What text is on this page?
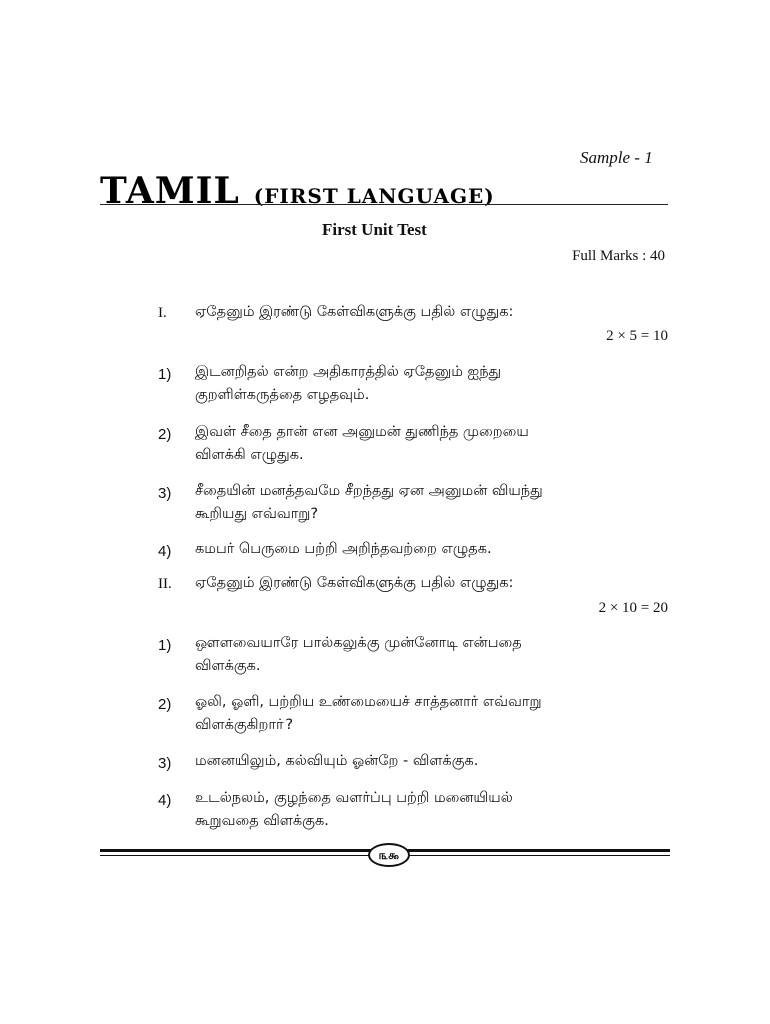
Sample - 1
TAMIL (FIRST LANGUAGE)
First Unit Test
Full Marks : 40
I. ஏதேனும் இரண்டு கேள்விகளுக்கு பதில் எழுதுக:
2 × 5 = 10
1) இடனறிதல் என்ற அதிகாரத்தில் ஏதேனும் ஐந்து குறளிள்கருத்தை எழதவும்.
2) இவள் சீதை தான் என அனுமன் துணிந்த முறையை விளக்கி எழுதுக.
3) சீதையின் மனத்தவமே சீறந்தது ஏன அனுமன் வியந்து கூறியது எவ்வாறு?
4) கமபர் பெருமை பற்றி அறிந்தவற்றை எழுதக.
II. ஏதேனும் இரண்டு கேள்விகளுக்கு பதில் எழுதுக:
2 × 10 = 20
1) ஔளவையாரே பால்கலுக்கு முன்னோடி என்பதை விளக்குக.
2) ஓலி, ஓளி, பற்றிய உண்மையைச் சாத்தனார் எவ்வாறு விளக்குகிறாா்?
3) மனனயிலும், கல்வியும் ஓன்றே - விளக்குக.
4) உடல்நலம், குழந்தை வளர்ப்பு பற்றி மனையியல் கூறுவதை விளக்குக.
௩௯
